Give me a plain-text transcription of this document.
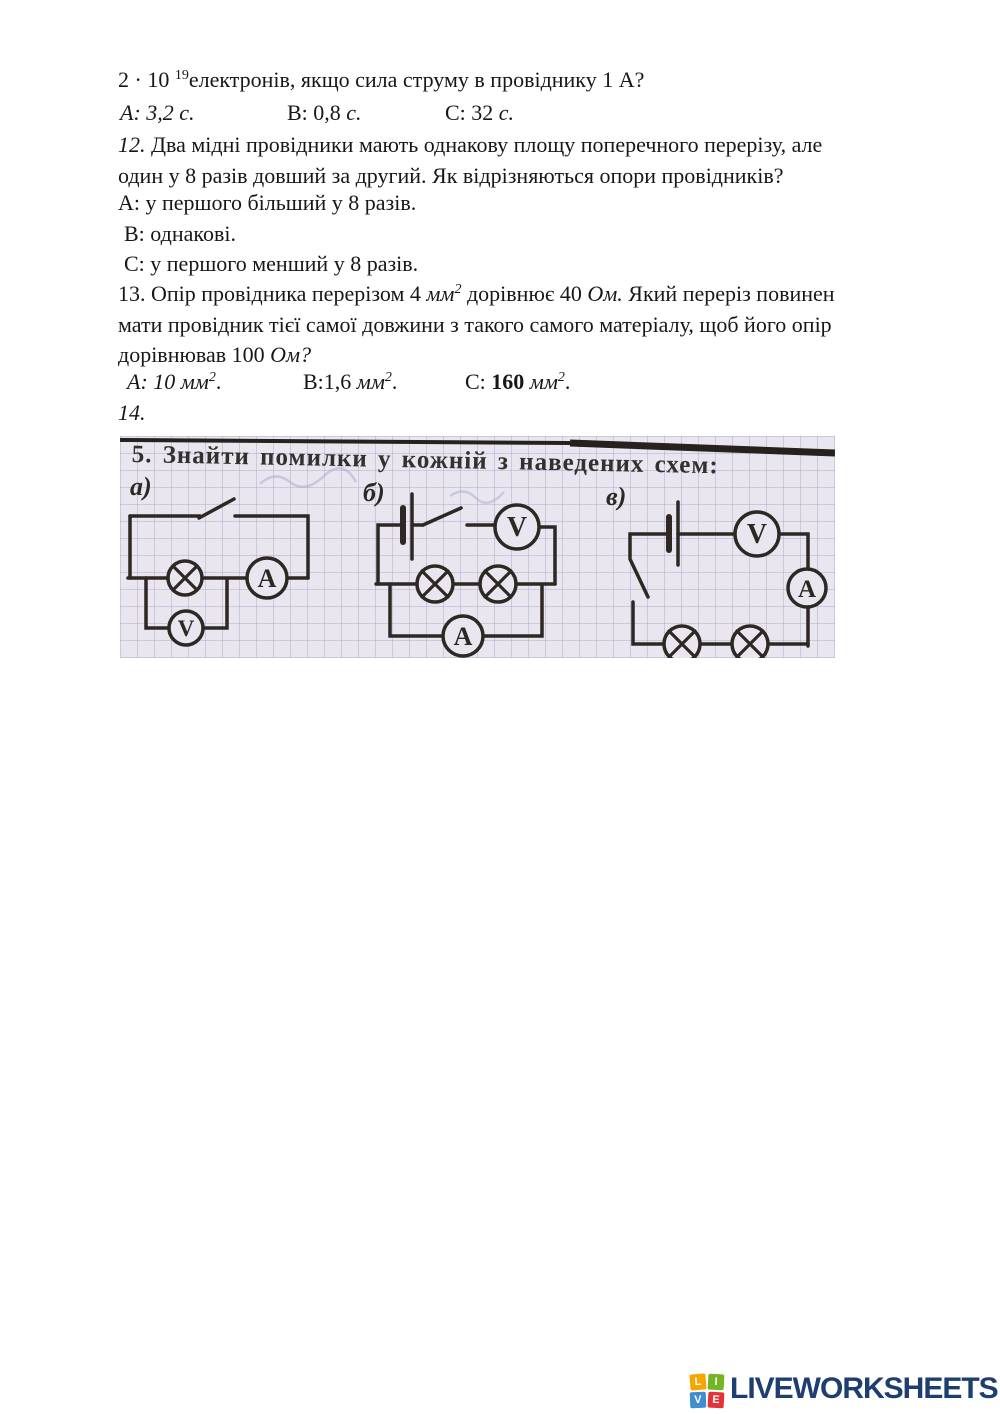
2 · 10 $^{19}$електронів, якщо сила струму в провіднику 1 А?

А: 3,2 с.

	В: 0,8 с.

	С: 32 с.

12. Два мідні провідники мають однакову площу поперечного перерізу, але
один у 8 разів довший за другий. Як відрізняються опори провідників?
А: у першого більший у 8 разів.
В: однакові.
С: у першого менший у 8 разів.
13. Опір провідника перерізом 4 $мм^2$ дорівнює 40 Ом. Який переріз повинен
мати провідник тієї самої довжини з такого самого матеріалу, щоб його опір
дорівнював 100 Ом?

А: 10 $мм^2$.

	В:1,6 $мм^2$.

	С: 160 $мм^2$.

14.
A
V
V
A
V
A
5. Знайти помилки у кожній з наведених схем:
а)	б)	в)
L	I
V E LIVEWORKSHEETS
